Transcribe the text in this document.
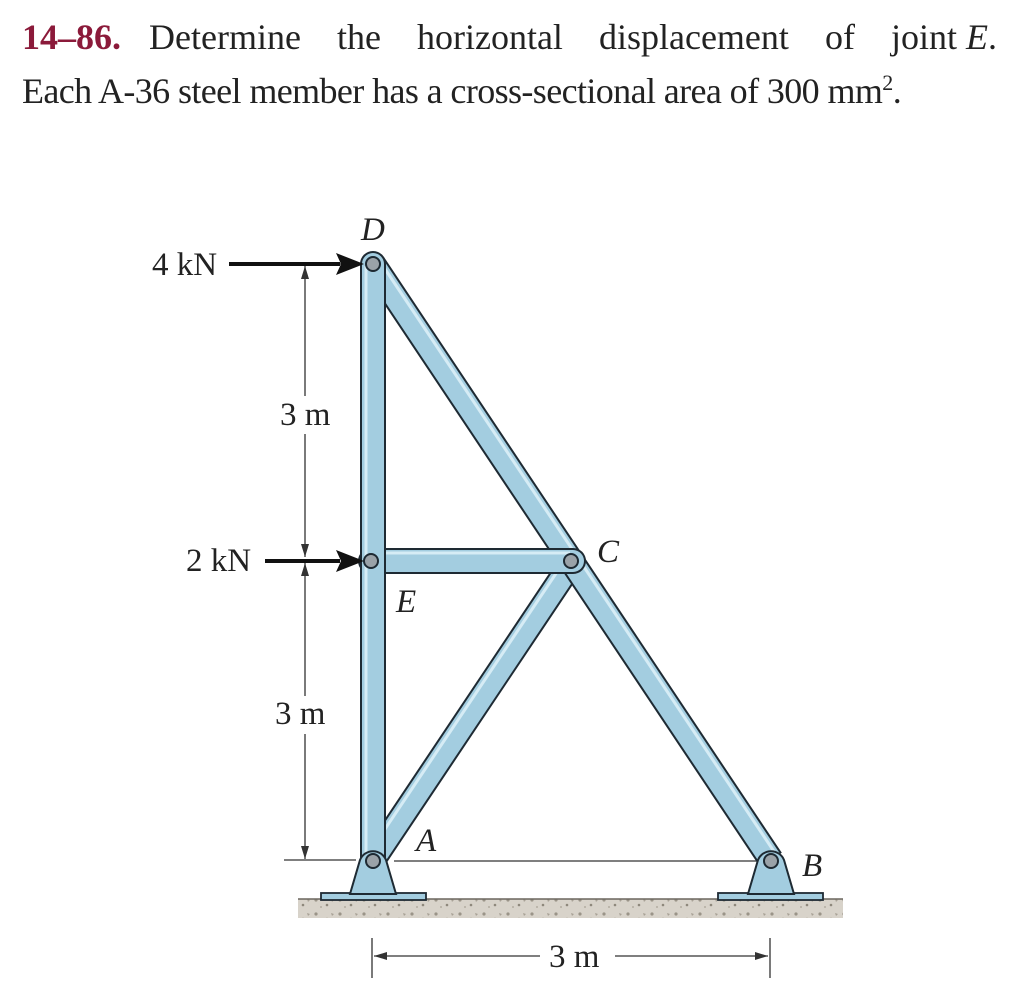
14–86. Determine the horizontal displacement of joint E.
Each A-36 steel member has a cross-sectional area of 300 $mm^2$.
4 kN
2 kN
3 m
3 m
3 m
D
C
E
A
B
